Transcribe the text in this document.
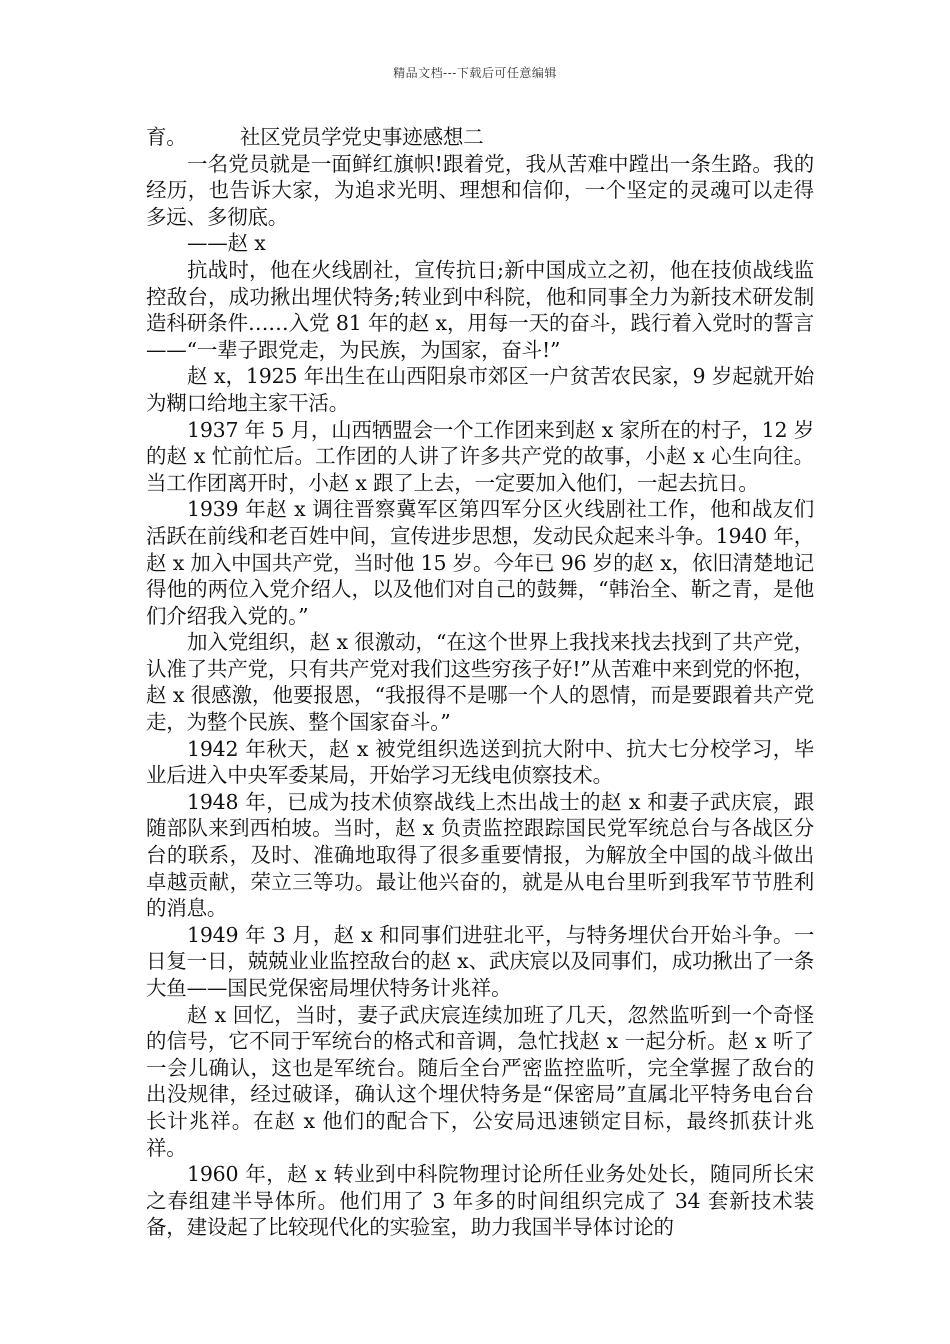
精品文档---下载后可任意编辑

育。	社区党员学党史事迹感想二

一名党员就是一面鲜红旗帜!跟着党，我从苦难中蹚出一条生路。我的经历，也告诉大家，为追求光明、理想和信仰，一个坚定的灵魂可以走得多远、多彻底。

——赵 x

抗战时，他在火线剧社，宣传抗日;新中国成立之初，他在技侦战线监控敌台，成功揪出埋伏特务;转业到中科院，他和同事全力为新技术研发制造科研条件……入党 81 年的赵 x，用每一天的奋斗，践行着入党时的誓言——“一辈子跟党走，为民族，为国家，奋斗!”

赵 x，1925 年出生在山西阳泉市郊区一户贫苦农民家，9 岁起就开始为糊口给地主家干活。

1937 年 5 月，山西牺盟会一个工作团来到赵 x 家所在的村子，12 岁的赵 x 忙前忙后。工作团的人讲了许多共产党的故事，小赵 x 心生向往。当工作团离开时，小赵 x 跟了上去，一定要加入他们，一起去抗日。

1939 年赵 x 调往晋察冀军区第四军分区火线剧社工作，他和战友们活跃在前线和老百姓中间，宣传进步思想，发动民众起来斗争。1940 年，赵 x 加入中国共产党，当时他 15 岁。今年已 96 岁的赵 x，依旧清楚地记得他的两位入党介绍人，以及他们对自己的鼓舞，“韩治全、靳之青，是他们介绍我入党的。”

加入党组织，赵 x 很激动，“在这个世界上我找来找去找到了共产党，认准了共产党，只有共产党对我们这些穷孩子好!”从苦难中来到党的怀抱，赵 x 很感激，他要报恩，“我报得不是哪一个人的恩情，而是要跟着共产党走，为整个民族、整个国家奋斗。”

1942 年秋天，赵 x 被党组织选送到抗大附中、抗大七分校学习，毕业后进入中央军委某局，开始学习无线电侦察技术。

1948 年，已成为技术侦察战线上杰出战士的赵 x 和妻子武庆宸，跟随部队来到西柏坡。当时，赵 x 负责监控跟踪国民党军统总台与各战区分台的联系，及时、准确地取得了很多重要情报，为解放全中国的战斗做出卓越贡献，荣立三等功。最让他兴奋的，就是从电台里听到我军节节胜利的消息。

1949 年 3 月，赵 x 和同事们进驻北平，与特务埋伏台开始斗争。一日复一日，兢兢业业监控敌台的赵 x、武庆宸以及同事们，成功揪出了一条大鱼——国民党保密局埋伏特务计兆祥。

赵 x 回忆，当时，妻子武庆宸连续加班了几天，忽然监听到一个奇怪的信号，它不同于军统台的格式和音调，急忙找赵 x 一起分析。赵 x 听了一会儿确认，这也是军统台。随后全台严密监控监听，完全掌握了敌台的出没规律，经过破译，确认这个埋伏特务是“保密局”直属北平特务电台台长计兆祥。在赵 x 他们的配合下，公安局迅速锁定目标，最终抓获计兆祥。

1960 年，赵 x 转业到中科院物理讨论所任业务处处长，随同所长宋之春组建半导体所。他们用了 3 年多的时间组织完成了 34 套新技术装备，建设起了比较现代化的实验室，助力我国半导体讨论的
